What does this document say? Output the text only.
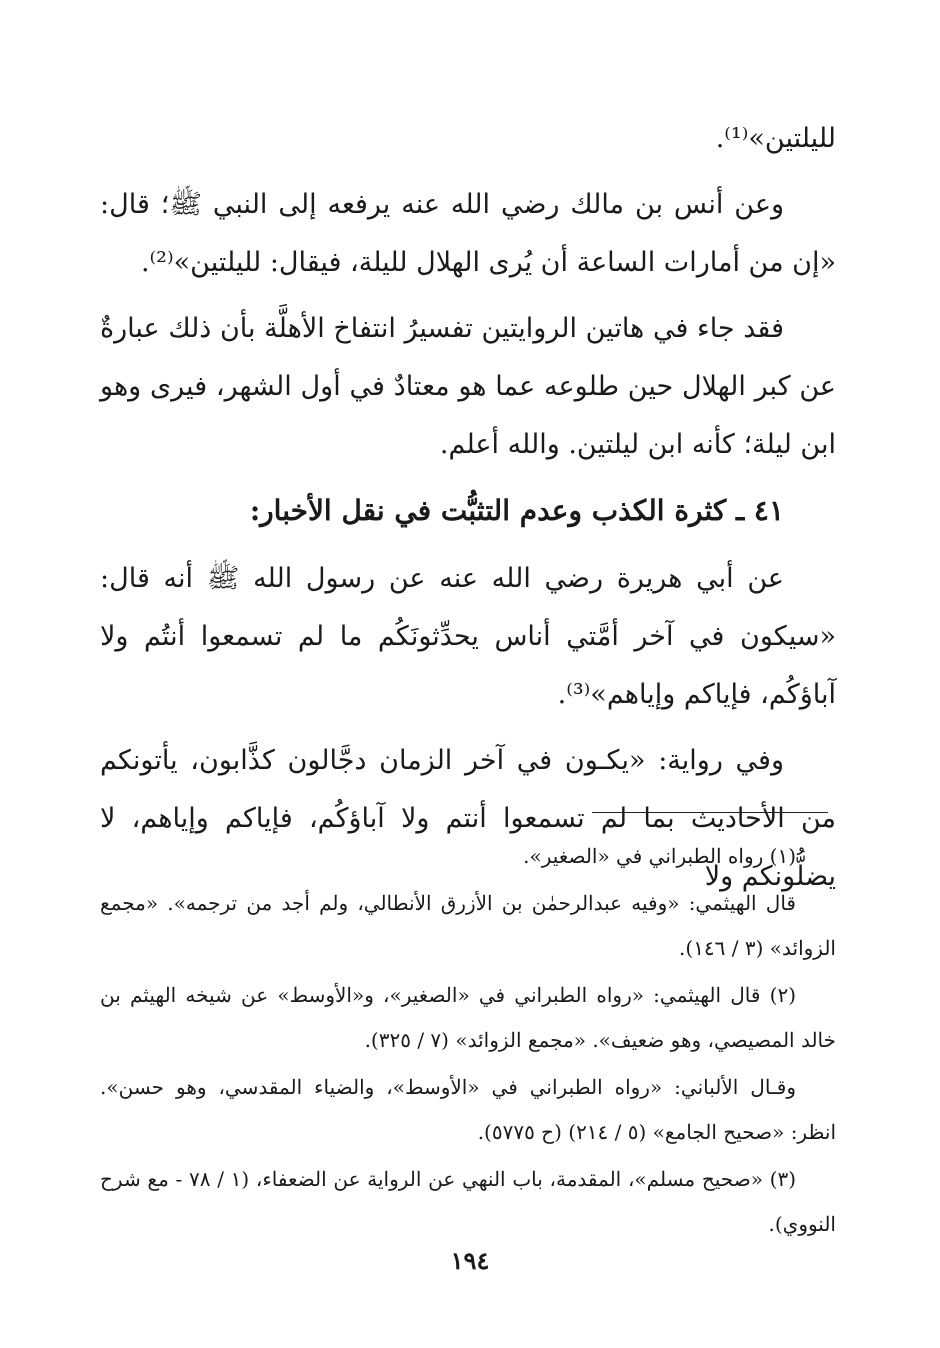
لليلتين»⁽¹⁾.

وعن أنس بن مالك رضي الله عنه يرفعه إلى النبي ﷺ؛ قال: «إن من أمارات الساعة أن يُرى الهلال لليلة، فيقال: لليلتين»⁽²⁾.

فقد جاء في هاتين الروايتين تفسيرُ انتفاخ الأهلَّة بأن ذلك عبارةٌ عن كبر الهلال حين طلوعه عما هو معتادٌ في أول الشهر، فيرى وهو ابن ليلة؛ كأنه ابن ليلتين. والله أعلم.

٤١ ـ كثرة الكذب وعدم التثبُّت في نقل الأخبار:

عن أبي هريرة رضي الله عنه عن رسول الله ﷺ أنه قال: «سيكون في آخر أمَّتي أناس يحدِّثونَكُم ما لم تسمعوا أنتُم ولا آباؤكُم، فإياكم وإياهم»⁽³⁾.

وفي رواية: «يكـون في آخر الزمان دجَّالون كذَّابون، يأتونكم من الأحاديث بما لم تسمعوا أنتم ولا آباؤكُم، فإياكم وإياهم، لا يضلُّونكم ولا

(١) رواه الطبراني في «الصغير».

قال الهيثمي: «وفيه عبدالرحمٰن بن الأزرق الأنطالي، ولم أجد من ترجمه». «مجمع الزوائد» (٣ / ١٤٦).

(٢) قال الهيثمي: «رواه الطبراني في «الصغير»، و«الأوسط» عن شيخه الهيثم بن خالد المصيصي، وهو ضعيف». «مجمع الزوائد» (٧ / ٣٢٥).

وقـال الألباني: «رواه الطبراني في «الأوسط»، والضياء المقدسي، وهو حسن». انظر: «صحيح الجامع» (٥ / ٢١٤) (ح ٥٧٧٥).

(٣) «صحيح مسلم»، المقدمة، باب النهي عن الرواية عن الضعفاء، (١ / ٧٨ - مع شرح النووي).

١٩٤
